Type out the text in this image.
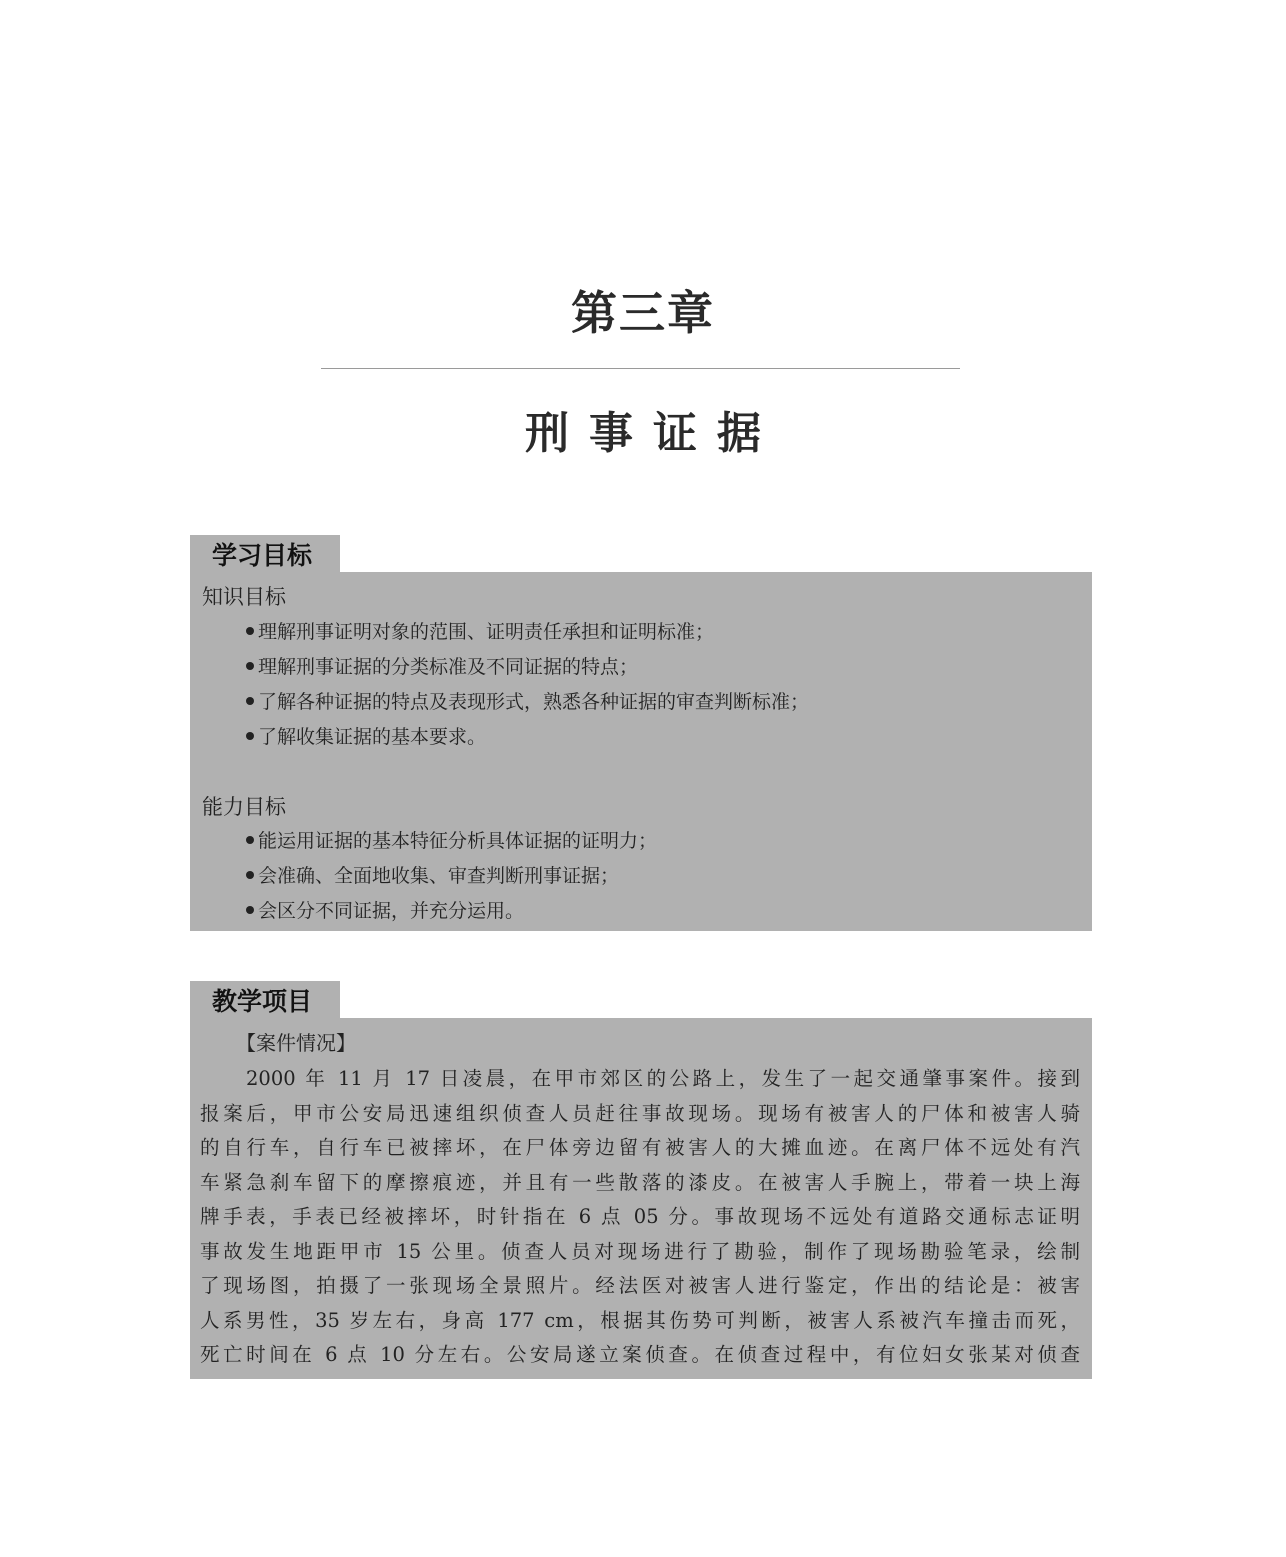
第三章
刑事证据
学习目标
知识目标
理解刑事证明对象的范围、证明责任承担和证明标准；
理解刑事证据的分类标准及不同证据的特点；
了解各种证据的特点及表现形式，熟悉各种证据的审查判断标准；
了解收集证据的基本要求。
能力目标
能运用证据的基本特征分析具体证据的证明力；
会准确、全面地收集、审查判断刑事证据；
会区分不同证据，并充分运用。
教学项目
【案件情况】
2000 年 11 月 17 日凌晨，在甲市郊区的公路上，发生了一起交通肇事案件。接到
报案后，甲市公安局迅速组织侦查人员赶往事故现场。现场有被害人的尸体和被害人骑
的自行车，自行车已被摔坏，在尸体旁边留有被害人的大摊血迹。在离尸体不远处有汽
车紧急刹车留下的摩擦痕迹，并且有一些散落的漆皮。在被害人手腕上，带着一块上海
牌手表，手表已经被摔坏，时针指在 6 点 05 分。事故现场不远处有道路交通标志证明
事故发生地距甲市 15 公里。侦查人员对现场进行了勘验，制作了现场勘验笔录，绘制
了现场图，拍摄了一张现场全景照片。经法医对被害人进行鉴定，作出的结论是：被害
人系男性，35 岁左右，身高 177 cm，根据其伤势可判断，被害人系被汽车撞击而死，
死亡时间在 6 点 10 分左右。公安局遂立案侦查。在侦查过程中，有位妇女张某对侦查
